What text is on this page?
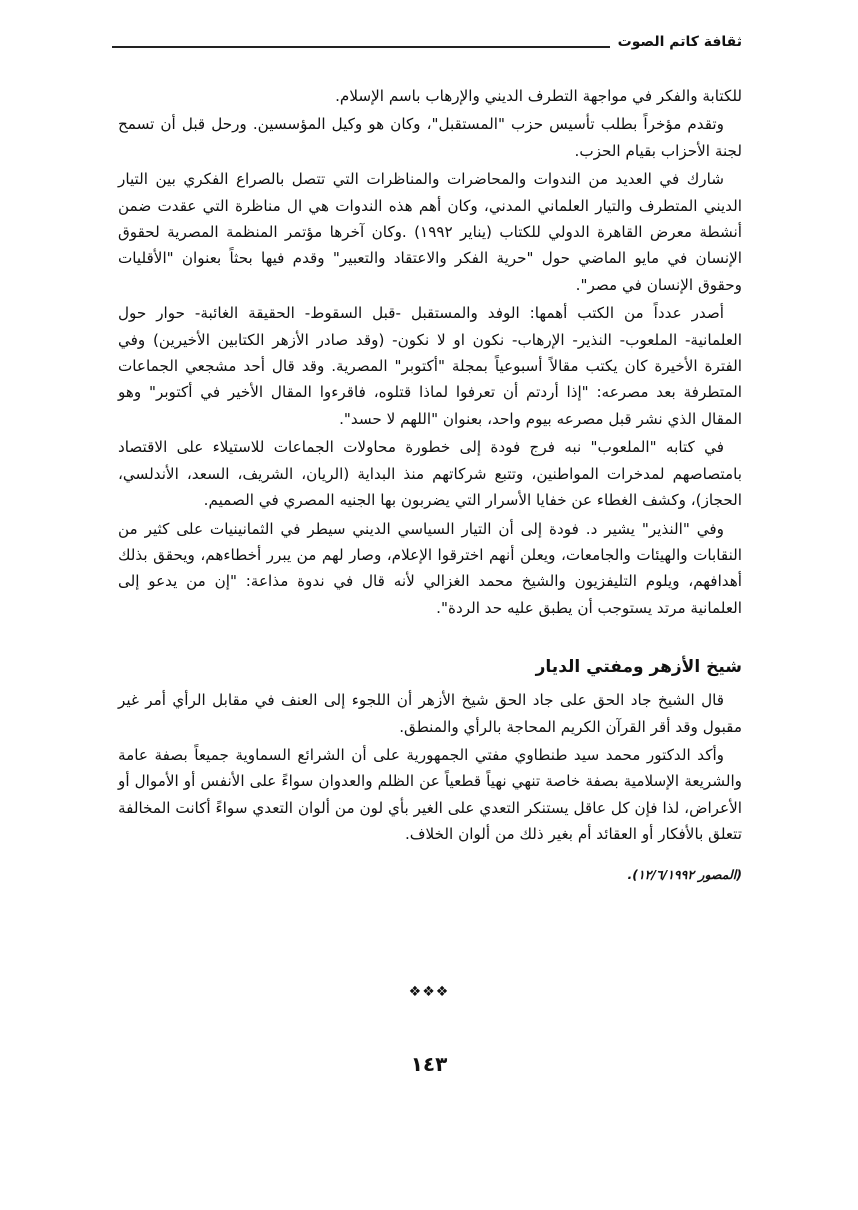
ثقافة كاتم الصوت

للكتابة والفكر في مواجهة التطرف الديني والإرهاب باسم الإسلام.

وتقدم مؤخراً بطلب تأسيس حزب "المستقبل"، وكان هو وكيل المؤسسين. ورحل قبل أن تسمح لجنة الأحزاب بقيام الحزب.

شارك في العديد من الندوات والمحاضرات والمناظرات التي تتصل بالصراع الفكري بين التيار الديني المتطرف والتيار العلماني المدني، وكان أهم هذه الندوات هي ال مناظرة التي عقدت ضمن أنشطة معرض القاهرة الدولي للكتاب (يناير ١٩٩٢) .وكان آخرها مؤتمر المنظمة المصرية لحقوق الإنسان في مايو الماضي حول "حرية الفكر والاعتقاد والتعبير" وقدم فيها بحثاً بعنوان "الأقليات وحقوق الإنسان في مصر".

أصدر عدداً من الكتب أهمها: الوفد والمستقبل -قبل السقوط- الحقيقة الغائبة- حوار حول العلمانية- الملعوب- النذير- الإرهاب- نكون او لا نكون- (وقد صادر الأزهر الكتابين الأخيرين) وفي الفترة الأخيرة كان يكتب مقالاً أسبوعياً بمجلة "أكتوبر" المصرية. وقد قال أحد مشجعي الجماعات المتطرفة بعد مصرعه: "إذا أردتم أن تعرفوا لماذا قتلوه، فاقرءوا المقال الأخير في أكتوبر" وهو المقال الذي نشر قبل مصرعه بيوم واحد، بعنوان "اللهم لا حسد".

في كتابه "الملعوب" نبه فرج فودة إلى خطورة محاولات الجماعات للاستيلاء على الاقتصاد بامتصاصهم لمدخرات المواطنين، وتتبع شركاتهم منذ البداية (الريان، الشريف، السعد، الأندلسي، الحجاز)، وكشف الغطاء عن خفايا الأسرار التي يضربون بها الجنيه المصري في الصميم.

وفي "النذير" يشير د. فودة إلى أن التيار السياسي الديني سيطر في الثمانينيات على كثير من النقابات والهيئات والجامعات، ويعلن أنهم اخترقوا الإعلام، وصار لهم من يبرر أخطاءهم، ويحقق بذلك أهدافهم، ويلوم التليفزيون والشيخ محمد الغزالي لأنه قال في ندوة مذاعة: "إن من يدعو إلى العلمانية مرتد يستوجب أن يطبق عليه حد الردة".

شيخ الأزهر ومفتي الديار

قال الشيخ جاد الحق على جاد الحق شيخ الأزهر أن اللجوء إلى العنف في مقابل الرأي أمر غير مقبول وقد أقر القرآن الكريم المحاجة بالرأي والمنطق.

وأكد الدكتور محمد سيد طنطاوي مفتي الجمهورية على أن الشرائع السماوية جميعاً بصفة عامة والشريعة الإسلامية بصفة خاصة تنهي نهياً قطعياً عن الظلم والعدوان سواءً على الأنفس أو الأموال أو الأعراض، لذا فإن كل عاقل يستنكر التعدي على الغير بأي لون من ألوان التعدي سواءً أكانت المخالفة تتعلق بالأفكار أو العقائد أم بغير ذلك من ألوان الخلاف.

(المصور ١٢/٦/١٩٩٢).
❖❖❖
١٤٣
